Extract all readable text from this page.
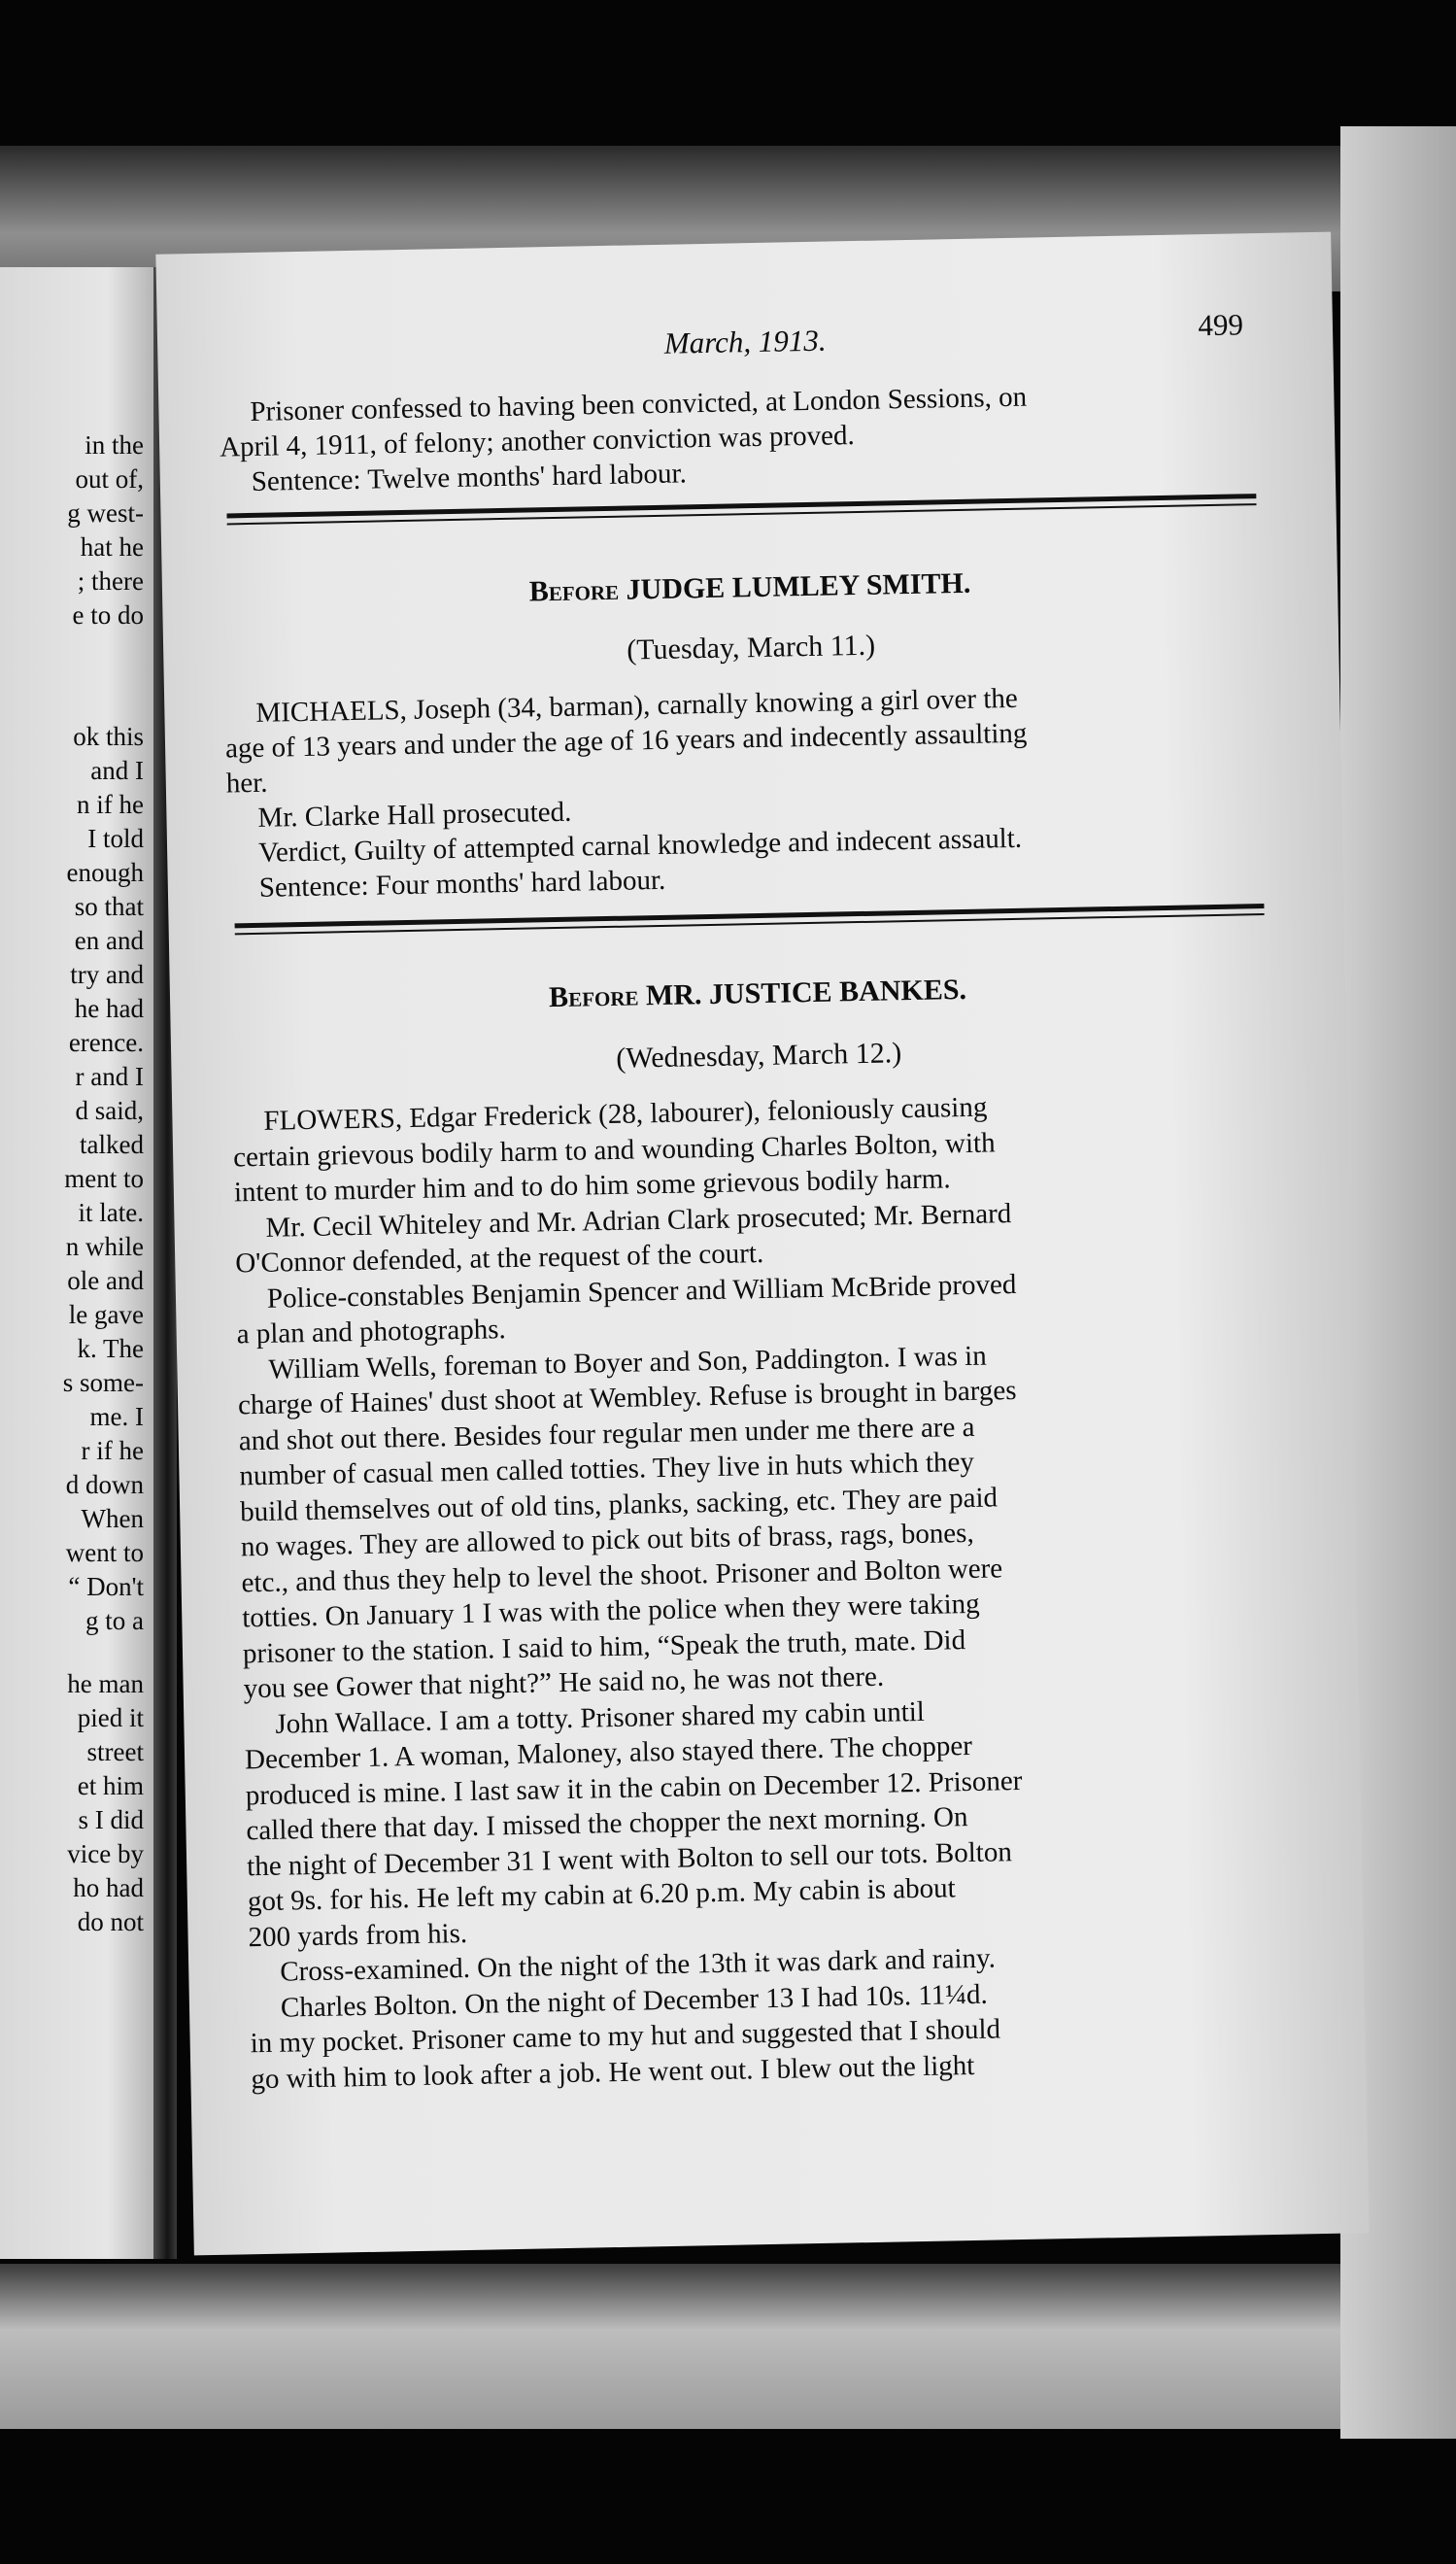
in the
out of,
g west-
hat he
; there
e to do
ok this
and I
n if he
I told
enough
so that
en and
try and
he had
erence.
r and I
d said,
talked
ment to
it late.
n while
ole and
le gave
k. The
s some-
me. I
r if he
d down
When
went to
“ Don't
g to a
he man
pied it
street
et him
s I did
vice by
ho had
do not
March, 1913.	499
Prisoner confessed to having been convicted, at London Sessions, on
April 4, 1911, of felony; another conviction was proved.
Sentence: Twelve months' hard labour.
Before JUDGE LUMLEY SMITH.
(Tuesday, March 11.)
MICHAELS, Joseph (34, barman), carnally knowing a girl over the
age of 13 years and under the age of 16 years and indecently assaulting
her.
Mr. Clarke Hall prosecuted.
Verdict, Guilty of attempted carnal knowledge and indecent assault.
Sentence: Four months' hard labour.
Before MR. JUSTICE BANKES.
(Wednesday, March 12.)
FLOWERS, Edgar Frederick (28, labourer), feloniously causing
certain grievous bodily harm to and wounding Charles Bolton, with
intent to murder him and to do him some grievous bodily harm.
Mr. Cecil Whiteley and Mr. Adrian Clark prosecuted; Mr. Bernard
O'Connor defended, at the request of the court.
Police-constables Benjamin Spencer and William McBride proved
a plan and photographs.
William Wells, foreman to Boyer and Son, Paddington. I was in
charge of Haines' dust shoot at Wembley. Refuse is brought in barges
and shot out there. Besides four regular men under me there are a
number of casual men called totties. They live in huts which they
build themselves out of old tins, planks, sacking, etc. They are paid
no wages. They are allowed to pick out bits of brass, rags, bones,
etc., and thus they help to level the shoot. Prisoner and Bolton were
totties. On January 1 I was with the police when they were taking
prisoner to the station. I said to him, “Speak the truth, mate. Did
you see Gower that night?” He said no, he was not there.
John Wallace. I am a totty. Prisoner shared my cabin until
December 1. A woman, Maloney, also stayed there. The chopper
produced is mine. I last saw it in the cabin on December 12. Prisoner
called there that day. I missed the chopper the next morning. On
the night of December 31 I went with Bolton to sell our tots. Bolton
got 9s. for his. He left my cabin at 6.20 p.m. My cabin is about
200 yards from his.
Cross-examined. On the night of the 13th it was dark and rainy.
Charles Bolton. On the night of December 13 I had 10s. 11¼d.
in my pocket. Prisoner came to my hut and suggested that I should
go with him to look after a job. He went out. I blew out the light
